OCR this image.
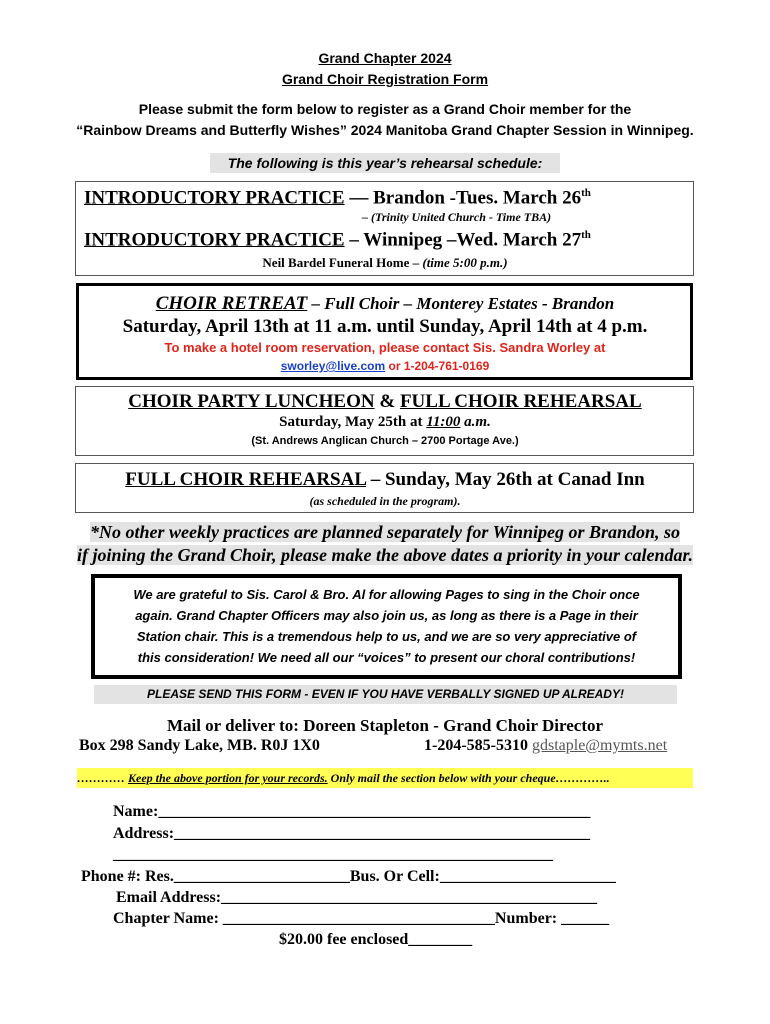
Grand Chapter 2024
Grand Choir Registration Form
Please submit the form below to register as a Grand Choir member for the
“Rainbow Dreams and Butterfly Wishes” 2024 Manitoba Grand Chapter Session in Winnipeg.
The following is this year’s rehearsal schedule:
INTRODUCTORY PRACTICE — Brandon -Tues. March 26th
– (Trinity United Church - Time TBA)
INTRODUCTORY PRACTICE – Winnipeg –Wed. March 27th
Neil Bardel Funeral Home – (time 5:00 p.m.)
CHOIR RETREAT – Full Choir – Monterey Estates - Brandon
Saturday, April 13th at 11 a.m. until Sunday, April 14th at 4 p.m.
To make a hotel room reservation, please contact Sis. Sandra Worley at
sworley@live.com or 1-204-761-0169
CHOIR PARTY LUNCHEON & FULL CHOIR REHEARSAL
Saturday, May 25th at 11:00 a.m.
(St. Andrews Anglican Church – 2700 Portage Ave.)
FULL CHOIR REHEARSAL – Sunday, May 26th at Canad Inn
(as scheduled in the program).
*No other weekly practices are planned separately for Winnipeg or Brandon, so
if joining the Grand Choir, please make the above dates a priority in your calendar.
We are grateful to Sis. Carol & Bro. Al for allowing Pages to sing in the Choir once
again. Grand Chapter Officers may also join us, as long as there is a Page in their
Station chair. This is a tremendous help to us, and we are so very appreciative of
this consideration! We need all our “voices” to present our choral contributions!
PLEASE SEND THIS FORM - EVEN IF YOU HAVE VERBALLY SIGNED UP ALREADY!
Mail or deliver to: Doreen Stapleton - Grand Choir Director
Box 298 Sandy Lake, MB. R0J 1X0	1-204-585-5310 gdstaple@mymts.net
………… Keep the above portion for your records. Only mail the section below with your cheque…………..
Name:______________________________________________________
Address:____________________________________________________
_______________________________________________________
Phone #: Res.______________________Bus. Or Cell:______________________
Email Address:_______________________________________________
Chapter Name: __________________________________Number: ______
$20.00 fee enclosed________
